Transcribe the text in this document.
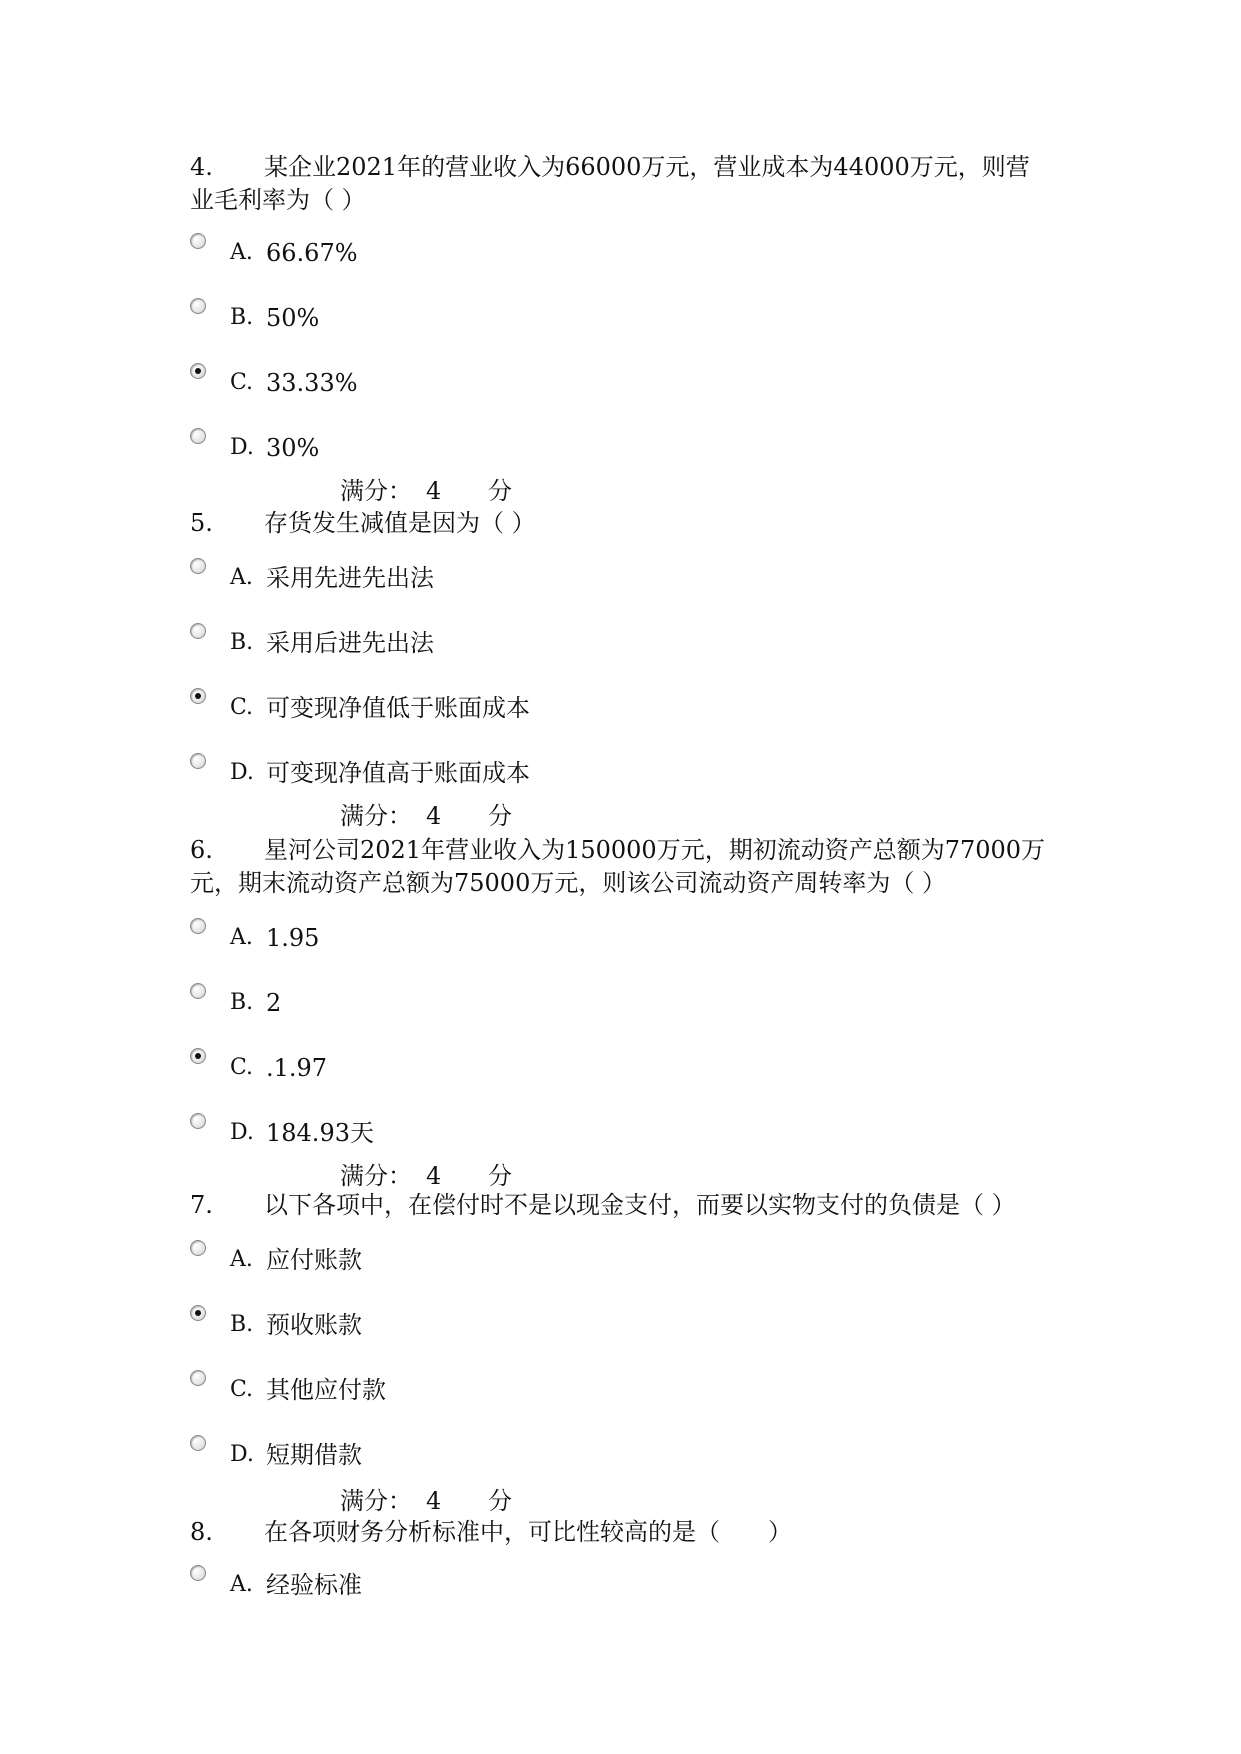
4. 某企业2021年的营业收入为66000万元，营业成本为44000万元，则营业毛利率为（ ）
A. 66.67%
B. 50%
C. 33.33%
D. 30%
满分： 4 分
5. 存货发生减值是因为（ ）
A. 采用先进先出法
B. 采用后进先出法
C. 可变现净值低于账面成本
D. 可变现净值高于账面成本
满分： 4 分
6. 星河公司2021年营业收入为150000万元，期初流动资产总额为77000万元，期末流动资产总额为75000万元，则该公司流动资产周转率为（ ）
A. 1.95
B. 2
C. .1.97
D. 184.93天
满分： 4 分
7. 以下各项中，在偿付时不是以现金支付，而要以实物支付的负债是（ ）
A. 应付账款
B. 预收账款
C. 其他应付款
D. 短期借款
满分： 4 分
8. 在各项财务分析标准中，可比性较高的是（　　）
A. 经验标准
